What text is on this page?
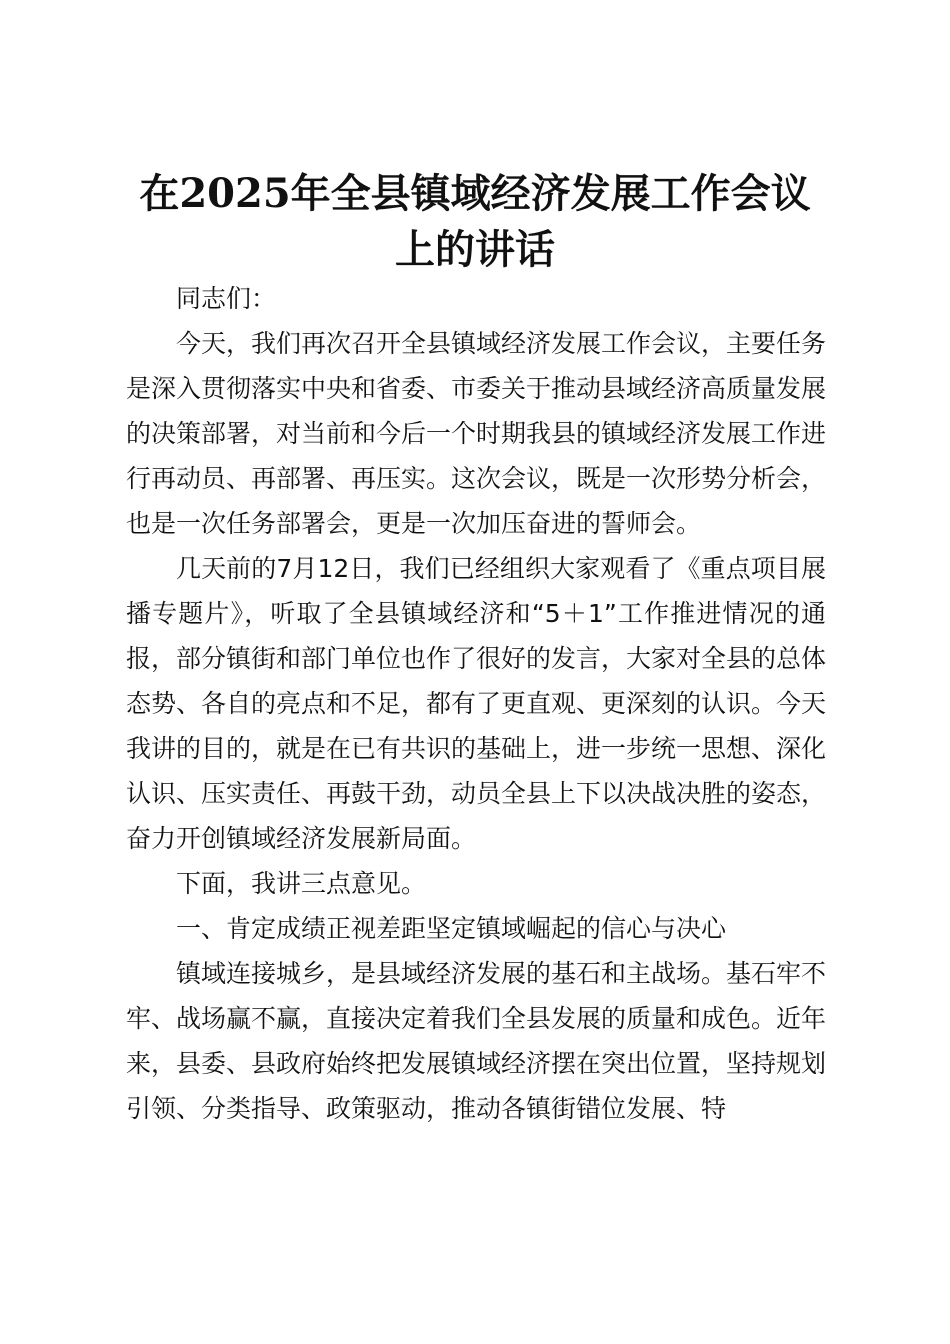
在2025年全县镇域经济发展工作会议上的讲话

同志们：

今天，我们再次召开全县镇域经济发展工作会议，主要任务是深入贯彻落实中央和省委、市委关于推动县域经济高质量发展的决策部署，对当前和今后一个时期我县的镇域经济发展工作进行再动员、再部署、再压实。这次会议，既是一次形势分析会，也是一次任务部署会，更是一次加压奋进的誓师会。

几天前的7月12日，我们已经组织大家观看了《重点项目展播专题片》，听取了全县镇域经济和“5＋1”工作推进情况的通报，部分镇街和部门单位也作了很好的发言，大家对全县的总体态势、各自的亮点和不足，都有了更直观、更深刻的认识。今天我讲的目的，就是在已有共识的基础上，进一步统一思想、深化认识、压实责任、再鼓干劲，动员全县上下以决战决胜的姿态，奋力开创镇域经济发展新局面。

下面，我讲三点意见。

一、肯定成绩正视差距坚定镇域崛起的信心与决心

镇域连接城乡，是县域经济发展的基石和主战场。基石牢不牢、战场赢不赢，直接决定着我们全县发展的质量和成色。近年来，县委、县政府始终把发展镇域经济摆在突出位置，坚持规划引领、分类指导、政策驱动，推动各镇街错位发展、特
